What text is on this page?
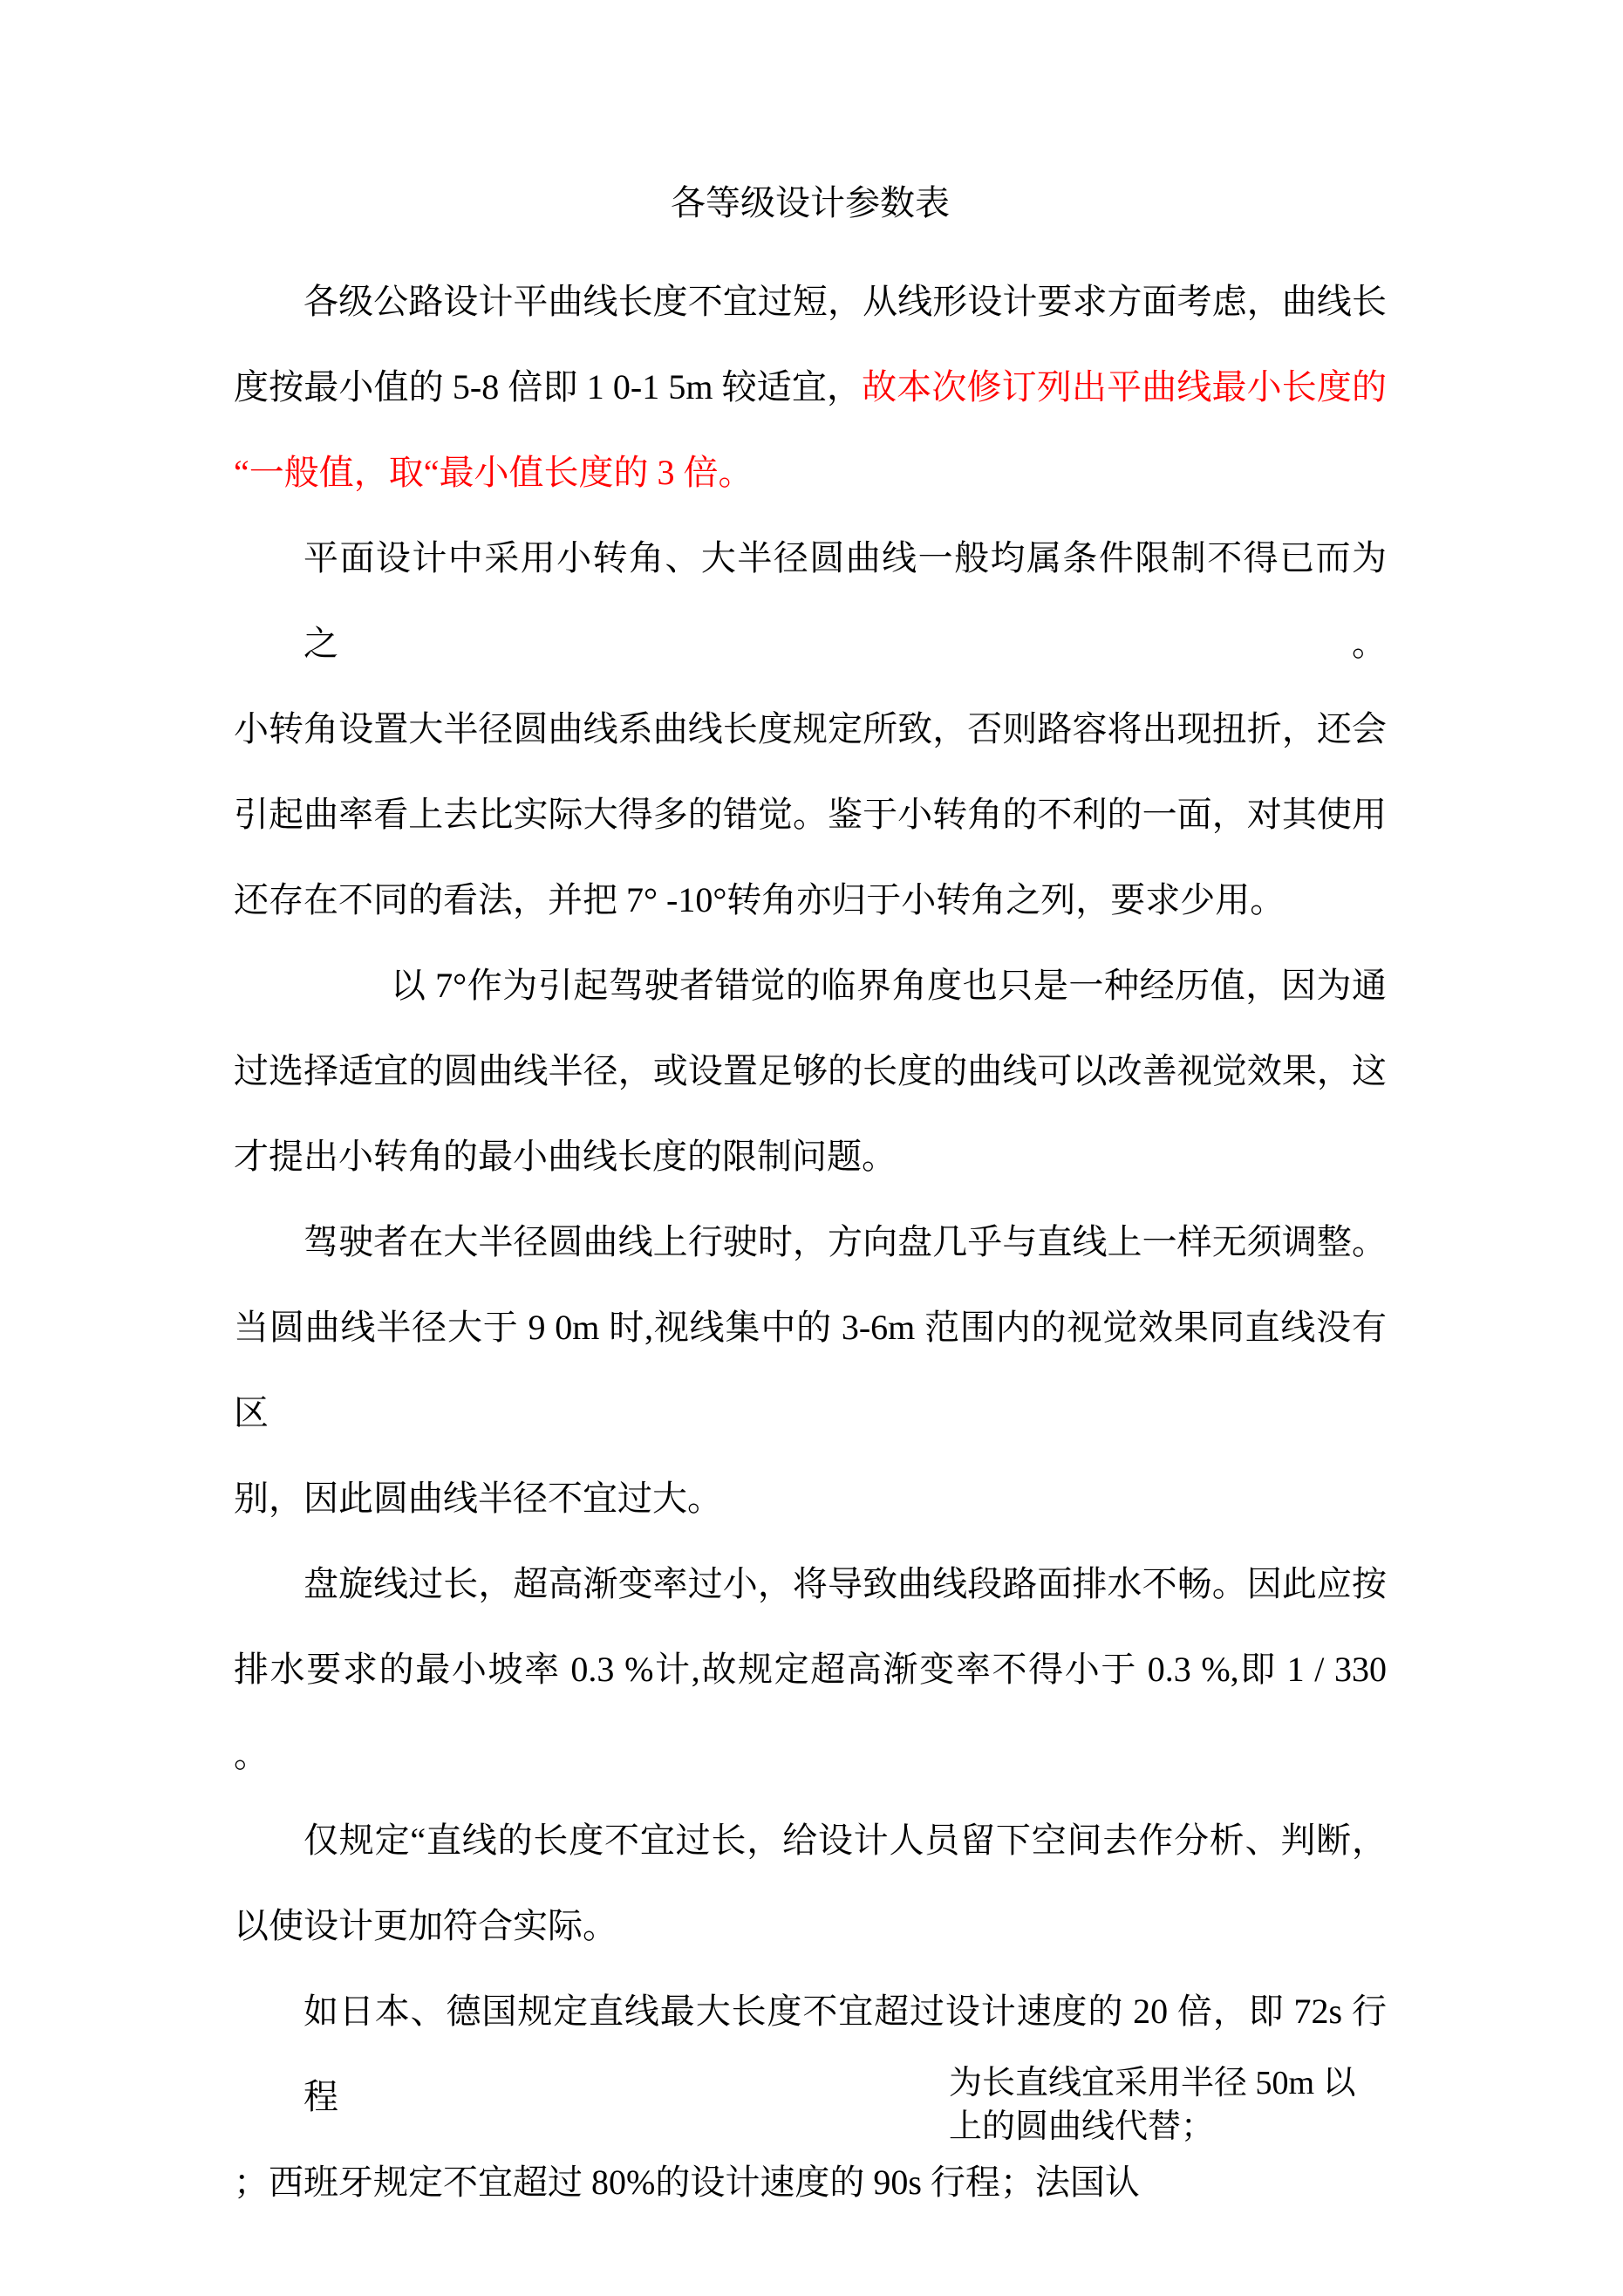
各等级设计参数表
各级公路设计平曲线长度不宜过短，从线形设计要求方面考虑，曲线长
度按最小值的 5-8 倍即 1 0-1 5m 较适宜，故本次修订列出平曲线最小长度的
“一般值，取“最小值长度的 3 倍。
平面设计中采用小转角、大半径圆曲线一般均属条件限制不得已而为之。
小转角设置大半径圆曲线系曲线长度规定所致，否则路容将出现扭折，还会
引起曲率看上去比实际大得多的错觉。鉴于小转角的不利的一面，对其使用
还存在不同的看法，并把 7° -10°转角亦归于小转角之列，要求少用。
以 7°作为引起驾驶者错觉的临界角度也只是一种经历值，因为通
过选择适宜的圆曲线半径，或设置足够的长度的曲线可以改善视觉效果，这
才提出小转角的最小曲线长度的限制问题。
驾驶者在大半径圆曲线上行驶时，方向盘几乎与直线上一样无须调整。
当圆曲线半径大于 9 0m 时,视线集中的 3-6m 范围内的视觉效果同直线没有区
别，因此圆曲线半径不宜过大。
盘旋线过长，超高渐变率过小，将导致曲线段路面排水不畅。因此应按
排水要求的最小坡率 0.3 %计,故规定超高渐变率不得小于 0.3 %,即 1 / 330
。
仅规定“直线的长度不宜过长，给设计人员留下空间去作分析、判断，
以使设计更加符合实际。
如日本、德国规定直线最大长度不宜超过设计速度的 20 倍，即 72s 行程
；西班牙规定不宜超过 80%的设计速度的 90s 行程；法国认
为长直线宜采用半径 50m 以
上的圆曲线代替；
